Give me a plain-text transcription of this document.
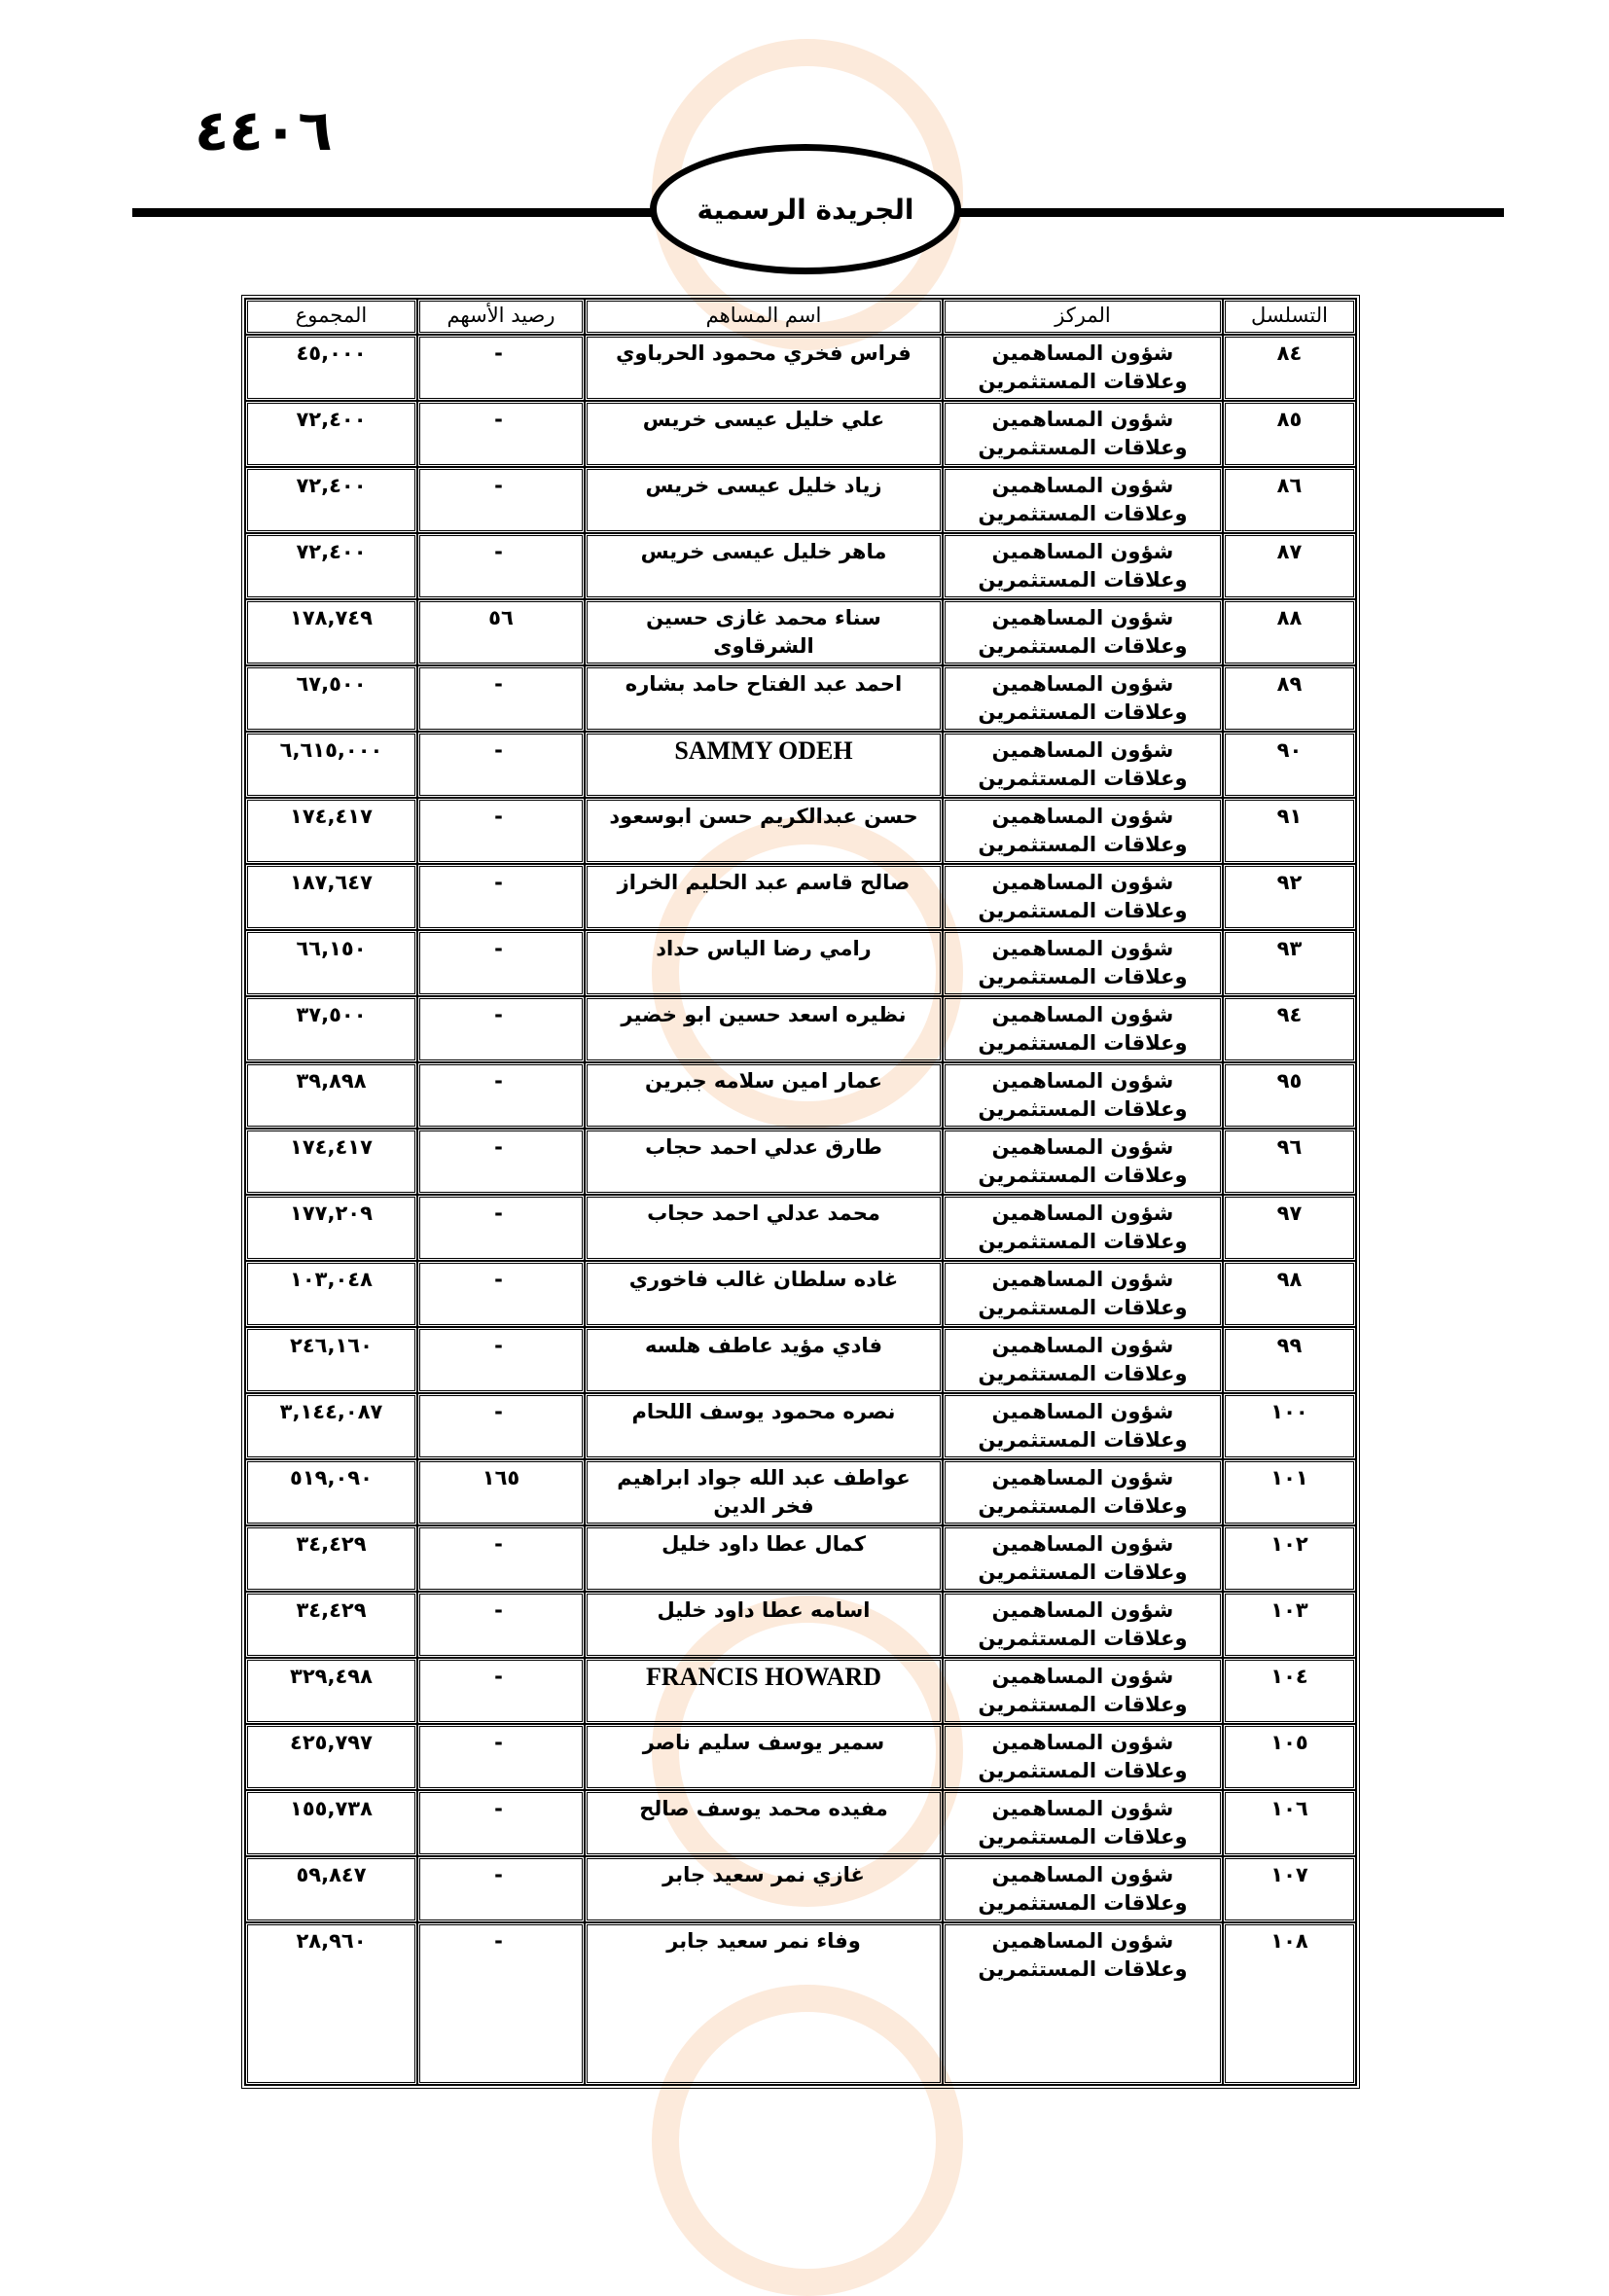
٤٤٠٦
الجريدة الرسمية
التسلسل	المركز	اسم المساهم	رصيد الأسهم	المجموع
٨٤	شؤون المساهمين وعلاقات المستثمرين	فراس فخري محمود الحرباوي	-	٤٥,٠٠٠
٨٥	شؤون المساهمين وعلاقات المستثمرين	علي خليل عيسى خريس	-	٧٢,٤٠٠
٨٦	شؤون المساهمين وعلاقات المستثمرين	زياد خليل عيسى خريس	-	٧٢,٤٠٠
٨٧	شؤون المساهمين وعلاقات المستثمرين	ماهر خليل عيسى خريس	-	٧٢,٤٠٠
٨٨	شؤون المساهمين وعلاقات المستثمرين	سناء محمد غازى حسين الشرقاوى	٥٦	١٧٨,٧٤٩
٨٩	شؤون المساهمين وعلاقات المستثمرين	احمد عبد الفتاح حامد بشاره	-	٦٧,٥٠٠
٩٠	شؤون المساهمين وعلاقات المستثمرين	SAMMY ODEH	-	٦,٦١٥,٠٠٠
٩١	شؤون المساهمين وعلاقات المستثمرين	حسن عبدالكريم حسن ابوسعود	-	١٧٤,٤١٧
٩٢	شؤون المساهمين وعلاقات المستثمرين	صالح قاسم عبد الحليم الخراز	-	١٨٧,٦٤٧
٩٣	شؤون المساهمين وعلاقات المستثمرين	رامي رضا الياس حداد	-	٦٦,١٥٠
٩٤	شؤون المساهمين وعلاقات المستثمرين	نظيره اسعد حسين ابو خضير	-	٣٧,٥٠٠
٩٥	شؤون المساهمين وعلاقات المستثمرين	عمار امين سلامه جبرين	-	٣٩,٨٩٨
٩٦	شؤون المساهمين وعلاقات المستثمرين	طارق عدلي احمد حجاب	-	١٧٤,٤١٧
٩٧	شؤون المساهمين وعلاقات المستثمرين	محمد عدلي احمد حجاب	-	١٧٧,٢٠٩
٩٨	شؤون المساهمين وعلاقات المستثمرين	غاده سلطان غالب فاخوري	-	١٠٣,٠٤٨
٩٩	شؤون المساهمين وعلاقات المستثمرين	فادي مؤيد عاطف هلسه	-	٢٤٦,١٦٠
١٠٠	شؤون المساهمين وعلاقات المستثمرين	نصره محمود يوسف اللحام	-	٣,١٤٤,٠٨٧
١٠١	شؤون المساهمين وعلاقات المستثمرين	عواطف عبد الله جواد ابراهيم فخر الدين	١٦٥	٥١٩,٠٩٠
١٠٢	شؤون المساهمين وعلاقات المستثمرين	كمال عطا داود خليل	-	٣٤,٤٢٩
١٠٣	شؤون المساهمين وعلاقات المستثمرين	اسامه عطا داود خليل	-	٣٤,٤٢٩
١٠٤	شؤون المساهمين وعلاقات المستثمرين	FRANCIS HOWARD	-	٣٢٩,٤٩٨
١٠٥	شؤون المساهمين وعلاقات المستثمرين	سمير يوسف سليم ناصر	-	٤٢٥,٧٩٧
١٠٦	شؤون المساهمين وعلاقات المستثمرين	مفيده محمد يوسف صالح	-	١٥٥,٧٣٨
١٠٧	شؤون المساهمين وعلاقات المستثمرين	غازي نمر سعيد جابر	-	٥٩,٨٤٧
١٠٨	شؤون المساهمين وعلاقات المستثمرين	وفاء نمر سعيد جابر	-	٢٨,٩٦٠
